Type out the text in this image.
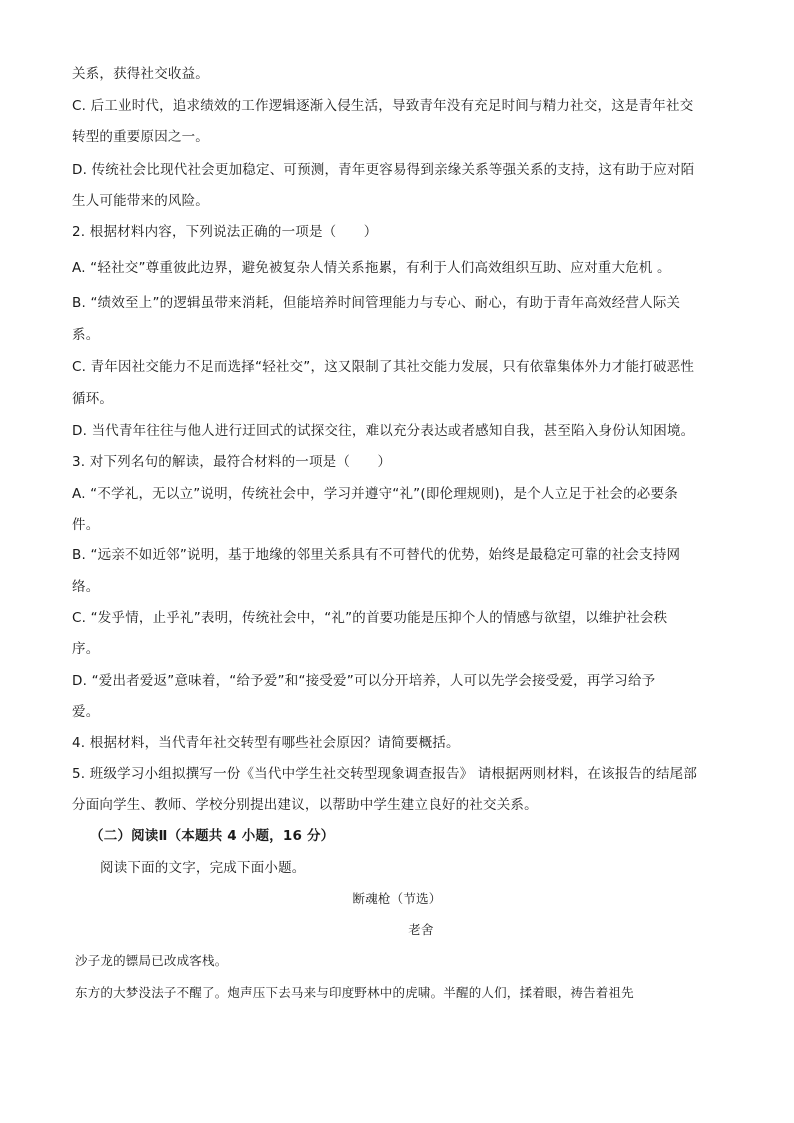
关系，获得社交收益。
C. 后工业时代，追求绩效的工作逻辑逐渐入侵生活，导致青年没有充足时间与精力社交，这是青年社交
转型的重要原因之一。
D. 传统社会比现代社会更加稳定、可预测，青年更容易得到亲缘关系等强关系的支持，这有助于应对陌
生人可能带来的风险。
2. 根据材料内容，下列说法正确的一项是（　　）
A. “轻社交”尊重彼此边界，避免被复杂人情关系拖累，有利于人们高效组织互助、应对重大危机 。
B. “绩效至上”的逻辑虽带来消耗，但能培养时间管理能力与专心、耐心，有助于青年高效经营人际关
系。
C. 青年因社交能力不足而选择“轻社交”，这又限制了其社交能力发展，只有依靠集体外力才能打破恶性
循环。
D. 当代青年往往与他人进行迂回式的试探交往，难以充分表达或者感知自我，甚至陷入身份认知困境。
3. 对下列名句的解读，最符合材料的一项是（　　）
A. “不学礼，无以立”说明，传统社会中，学习并遵守“礼”(即伦理规则)，是个人立足于社会的必要条
件。
B. “远亲不如近邻”说明，基于地缘的邻里关系具有不可替代的优势，始终是最稳定可靠的社会支持网
络。
C. “发乎情，止乎礼”表明，传统社会中，“礼”的首要功能是压抑个人的情感与欲望，以维护社会秩
序。
D. “爱出者爱返”意味着，“给予爱”和“接受爱”可以分开培养，人可以先学会接受爱，再学习给予
爱。
4. 根据材料，当代青年社交转型有哪些社会原因？请简要概括。
5. 班级学习小组拟撰写一份《当代中学生社交转型现象调查报告》 请根据两则材料，在该报告的结尾部
分面向学生、教师、学校分别提出建议，以帮助中学生建立良好的社交关系。
（二）阅读Ⅱ（本题共 4 小题，16 分）
阅读下面的文字，完成下面小题。
断魂枪（节选）
老舍
沙子龙的镖局已改成客栈。
东方的大梦没法子不醒了。炮声压下去马来与印度野林中的虎啸。半醒的人们，揉着眼，祷告着祖先
